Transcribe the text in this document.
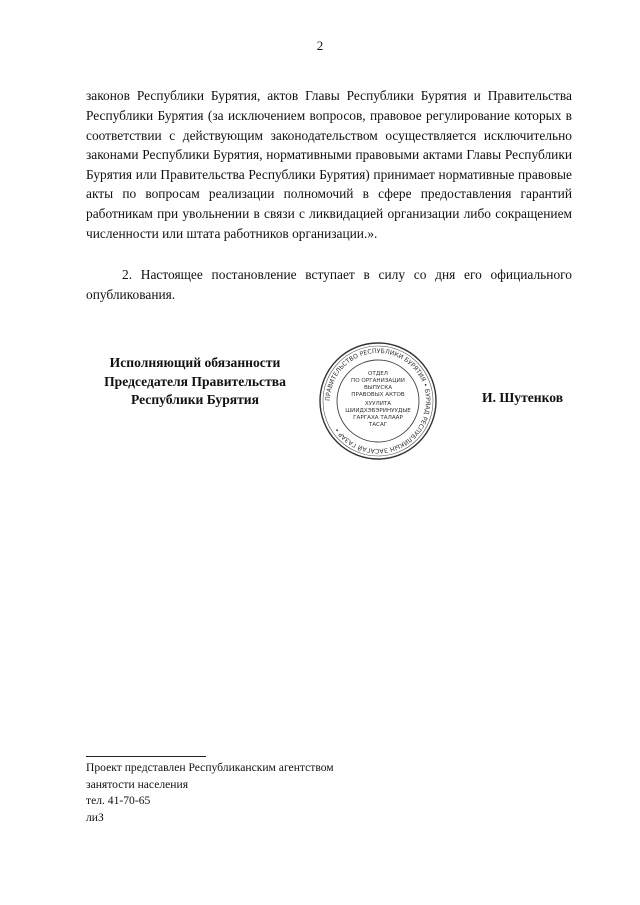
2

законов Республики Бурятия, актов Главы Республики Бурятия и Правительства Республики Бурятия (за исключением вопросов, правовое регулирование которых в соответствии с действующим законодательством осуществляется исключительно законами Республики Бурятия, нормативными правовыми актами Главы Республики Бурятия или Правительства Республики Бурятия) принимает нормативные правовые акты по вопросам реализации полномочий в сфере предоставления гарантий работникам при увольнении в связи с ликвидацией организации либо сокращением численности или штата работников организации.».

2. Настоящее постановление вступает в силу со дня его официального опубликования.

Исполняющий обязанности
Председателя Правительства
Республики Бурятия	ПРАВИТЕЛЬСТВО РЕСПУБЛИКИ БУРЯТИЯ • БУРЯАД РЕСПУБЛИКЫН ЗАСАГАЙ ГАЗАР •
ОТДЕЛ
ПО ОРГАНИЗАЦИИ
ВЫПУСКА
ПРАВОВЫХ АКТОВ
ХУУЛИТА
ШИИДХЭБЭРИНУУДЫЕ
ГАРГАХА ТАЛААР
ТАСАГ
И. Шутенков
Проект представлен Республиканским агентством
занятости населения
тел. 41-70-65
лиЗ
